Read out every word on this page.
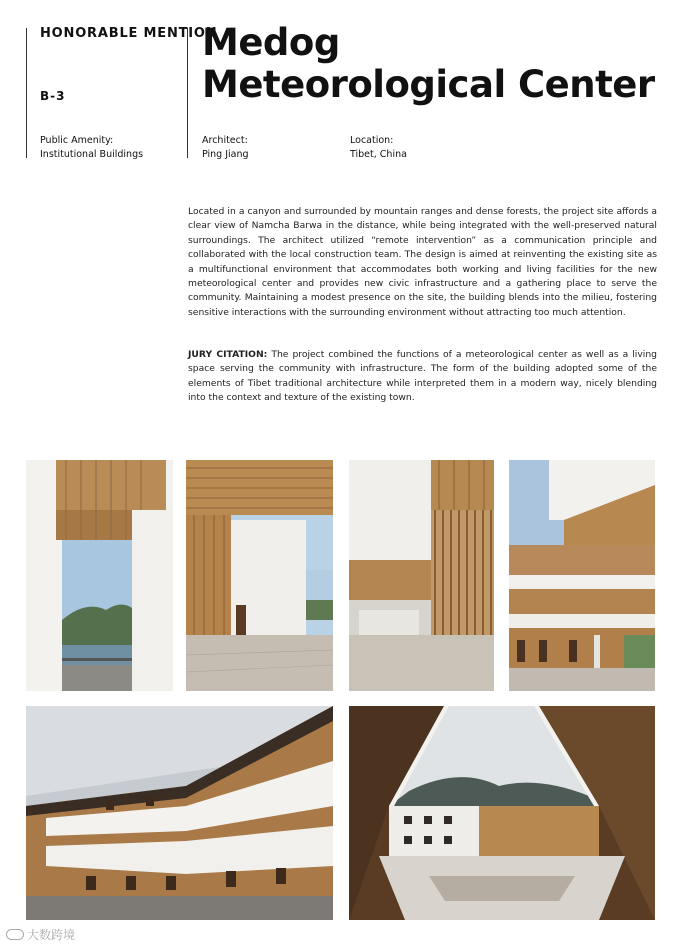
HONORABLE MENTION
B-3
Medog
Meteorological Center
Public Amenity:
Institutional Buildings
Architect:
Ping Jiang
Location:
Tibet, China

Located in a canyon and surrounded by mountain ranges and dense forests, the project site affords a clear view of Namcha Barwa in the distance, while being integrated with the well-preserved natural surroundings. The architect utilized “remote intervention” as a communication principle and collaborated with the local construction team. The design is aimed at reinventing the existing site as a multifunctional environment that accommodates both working and living facilities for the new meteorological center and provides new civic infrastructure and a gathering place to serve the community. Maintaining a modest presence on the site, the building blends into the milieu, fostering sensitive interactions with the surrounding environment without attracting too much attention.

JURY CITATION: The project combined the functions of a meteorological center as well as a living space serving the community with infrastructure. The form of the building adopted some of the elements of Tibet traditional architecture while interpreted them in a modern way, nicely blending into the context and texture of the existing town.

大数跨境
